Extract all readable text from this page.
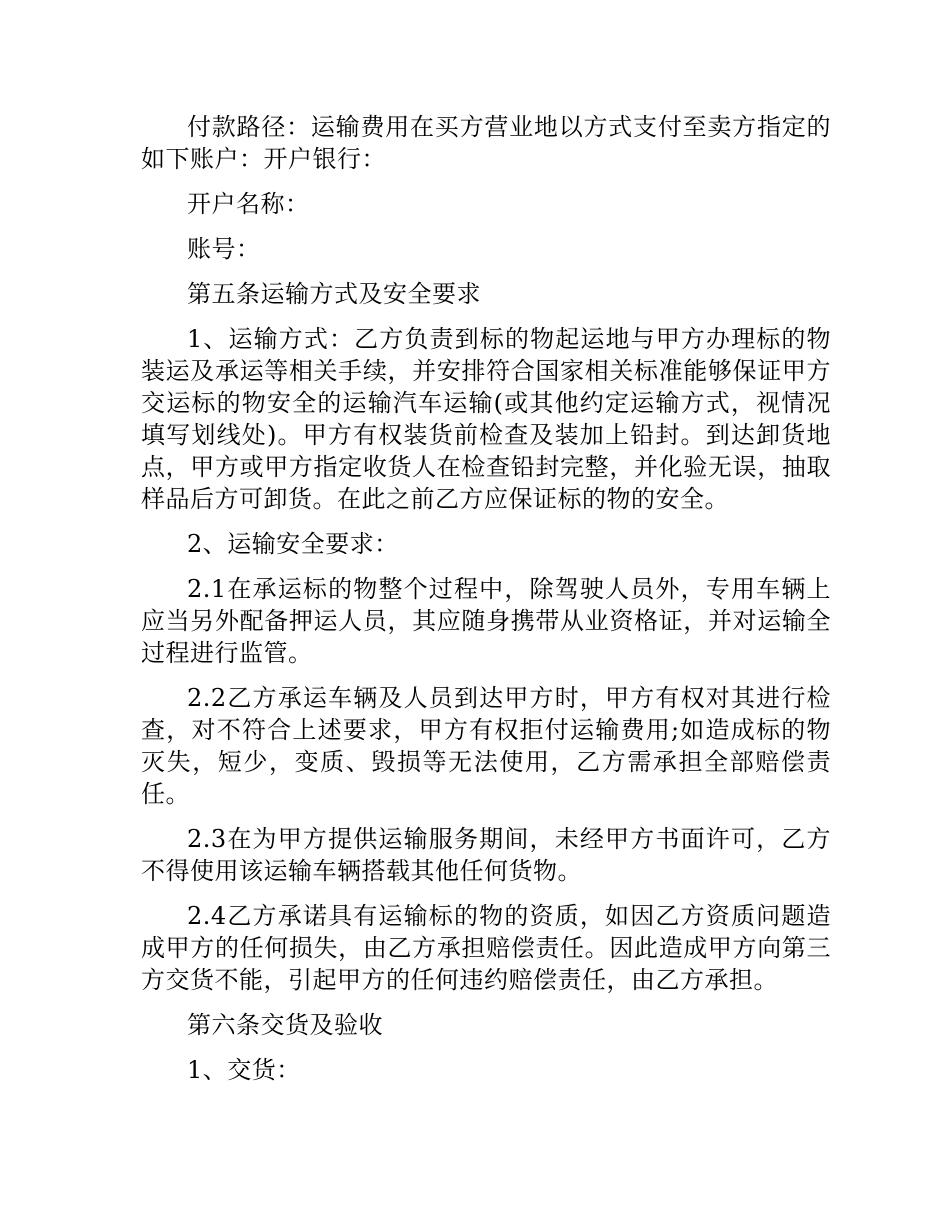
付款路径：运输费用在买方营业地以方式支付至卖方指定的如下账户：开户银行：

开户名称：

账号：

第五条运输方式及安全要求

1、运输方式：乙方负责到标的物起运地与甲方办理标的物装运及承运等相关手续，并安排符合国家相关标准能够保证甲方交运标的物安全的运输汽车运输(或其他约定运输方式，视情况填写划线处)。甲方有权装货前检查及装加上铅封。到达卸货地点，甲方或甲方指定收货人在检查铅封完整，并化验无误，抽取样品后方可卸货。在此之前乙方应保证标的物的安全。

2、运输安全要求：

2.1在承运标的物整个过程中，除驾驶人员外，专用车辆上应当另外配备押运人员，其应随身携带从业资格证，并对运输全过程进行监管。

2.2乙方承运车辆及人员到达甲方时，甲方有权对其进行检查，对不符合上述要求，甲方有权拒付运输费用;如造成标的物灭失，短少，变质、毁损等无法使用，乙方需承担全部赔偿责任。

2.3在为甲方提供运输服务期间，未经甲方书面许可，乙方不得使用该运输车辆搭载其他任何货物。

2.4乙方承诺具有运输标的物的资质，如因乙方资质问题造成甲方的任何损失，由乙方承担赔偿责任。因此造成甲方向第三方交货不能，引起甲方的任何违约赔偿责任，由乙方承担。

第六条交货及验收

1、交货：
